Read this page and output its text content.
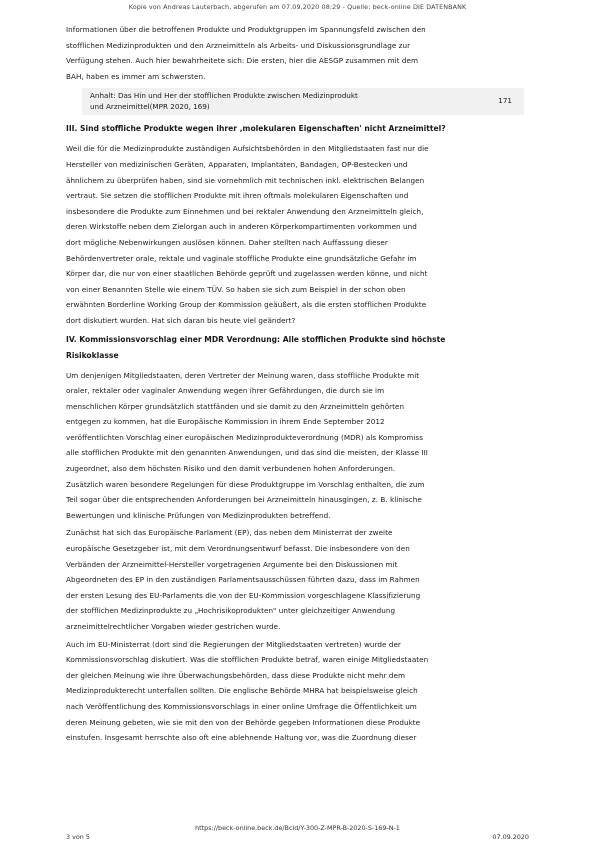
Kopie von Andreas Lauterbach, abgerufen am 07.09.2020 08:29 - Quelle: beck-online DIE DATENBANK
Informationen über die betroffenen Produkte und Produktgruppen im Spannungsfeld zwischen den
stofflichen Medizinprodukten und den Arzneimitteln als Arbeits- und Diskussionsgrundlage zur
Verfügung stehen. Auch hier bewahrheitete sich: Die ersten, hier die AESGP zusammen mit dem
BAH, haben es immer am schwersten.
Anhalt: Das Hin und Her der stofflichen Produkte zwischen Medizinprodukt
und Arzneimittel(MPR 2020, 169)
171
III. Sind stoffliche Produkte wegen ihrer ‚molekularen Eigenschaften' nicht Arzneimittel?
Weil die für die Medizinprodukte zuständigen Aufsichtsbehörden in den Mitgliedstaaten fast nur die
Hersteller von medizinischen Geräten, Apparaten, Implantaten, Bandagen, OP-Bestecken und
ähnlichem zu überprüfen haben, sind sie vornehmlich mit technischen inkl. elektrischen Belangen
vertraut. Sie setzen die stofflichen Produkte mit ihren oftmals molekularen Eigenschaften und
insbesondere die Produkte zum Einnehmen und bei rektaler Anwendung den Arzneimitteln gleich,
deren Wirkstoffe neben dem Zielorgan auch in anderen Körperkompartimenten vorkommen und
dort mögliche Nebenwirkungen auslösen können. Daher stellten nach Auffassung dieser
Behördenvertreter orale, rektale und vaginale stoffliche Produkte eine grundsätzliche Gefahr im
Körper dar, die nur von einer staatlichen Behörde geprüft und zugelassen werden könne, und nicht
von einer Benannten Stelle wie einem TÜV. So haben sie sich zum Beispiel in der schon oben
erwähnten Borderline Working Group der Kommission geäußert, als die ersten stofflichen Produkte
dort diskutiert wurden. Hat sich daran bis heute viel geändert?
IV. Kommissionsvorschlag einer MDR Verordnung: Alle stofflichen Produkte sind höchste
Risikoklasse
Um denjenigen Mitgliedstaaten, deren Vertreter der Meinung waren, dass stoffliche Produkte mit
oraler, rektaler oder vaginaler Anwendung wegen ihrer Gefährdungen, die durch sie im
menschlichen Körper grundsätzlich stattfänden und sie damit zu den Arzneimitteln gehörten
entgegen zu kommen, hat die Europäische Kommission in ihrem Ende September 2012
veröffentlichten Vorschlag einer europäischen Medizinprodukteverordnung (MDR) als Kompromiss
alle stofflichen Produkte mit den genannten Anwendungen, und das sind die meisten, der Klasse III
zugeordnet, also dem höchsten Risiko und den damit verbundenen hohen Anforderungen.
Zusätzlich waren besondere Regelungen für diese Produktgruppe im Vorschlag enthalten, die zum
Teil sogar über die entsprechenden Anforderungen bei Arzneimitteln hinausgingen, z. B. klinische
Bewertungen und klinische Prüfungen von Medizinprodukten betreffend.
Zunächst hat sich das Europäische Parlament (EP), das neben dem Ministerrat der zweite
europäische Gesetzgeber ist, mit dem Verordnungsentwurf befasst. Die insbesondere von den
Verbänden der Arzneimittel-Hersteller vorgetragenen Argumente bei den Diskussionen mit
Abgeordneten des EP in den zuständigen Parlamentsausschüssen führten dazu, dass im Rahmen
der ersten Lesung des EU-Parlaments die von der EU-Kommission vorgeschlagene Klassifizierung
der stofflichen Medizinprodukte zu „Hochrisikoprodukten" unter gleichzeitiger Anwendung
arzneimittelrechtlicher Vorgaben wieder gestrichen wurde.
Auch im EU-Ministerrat (dort sind die Regierungen der Mitgliedstaaten vertreten) wurde der
Kommissionsvorschlag diskutiert. Was die stofflichen Produkte betraf, waren einige Mitgliedstaaten
der gleichen Meinung wie ihre Überwachungsbehörden, dass diese Produkte nicht mehr dem
Medizinprodukterecht unterfallen sollten. Die englische Behörde MHRA hat beispielsweise gleich
nach Veröffentlichung des Kommissionsvorschlags in einer online Umfrage die Öffentlichkeit um
deren Meinung gebeten, wie sie mit den von der Behörde gegeben Informationen diese Produkte
einstufen. Insgesamt herrschte also oft eine ablehnende Haltung vor, was die Zuordnung dieser
https://beck-online.beck.de/Bcid/Y-300-Z-MPR-B-2020-S-169-N-1
3 von 5	07.09.2020
